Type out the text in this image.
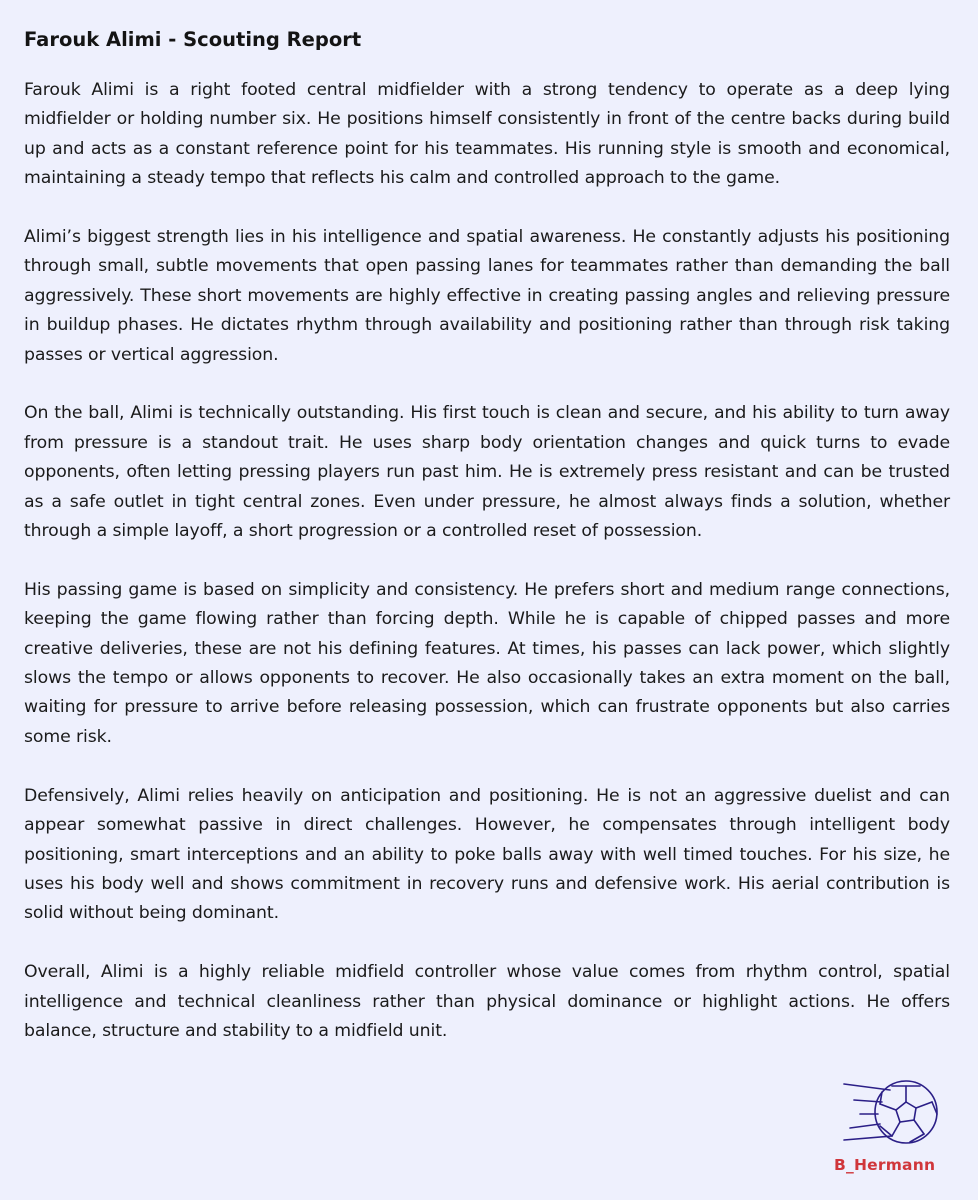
Farouk Alimi - Scouting Report

Farouk Alimi is a right footed central midfielder with a strong tendency to operate as a deep lying midfielder or holding number six. He positions himself consistently in front of the centre backs during build up and acts as a constant reference point for his teammates. His running style is smooth and economical, maintaining a steady tempo that reflects his calm and controlled approach to the game.

Alimi’s biggest strength lies in his intelligence and spatial awareness. He constantly adjusts his positioning through small, subtle movements that open passing lanes for teammates rather than demanding the ball aggressively. These short movements are highly effective in creating passing angles and relieving pressure in buildup phases. He dictates rhythm through availability and positioning rather than through risk taking passes or vertical aggression.

On the ball, Alimi is technically outstanding. His first touch is clean and secure, and his ability to turn away from pressure is a standout trait. He uses sharp body orientation changes and quick turns to evade opponents, often letting pressing players run past him. He is extremely press resistant and can be trusted as a safe outlet in tight central zones. Even under pressure, he almost always finds a solution, whether through a simple layoff, a short progression or a controlled reset of possession.

His passing game is based on simplicity and consistency. He prefers short and medium range connections, keeping the game flowing rather than forcing depth. While he is capable of chipped passes and more creative deliveries, these are not his defining features. At times, his passes can lack power, which slightly slows the tempo or allows opponents to recover. He also occasionally takes an extra moment on the ball, waiting for pressure to arrive before releasing possession, which can frustrate opponents but also carries some risk.

Defensively, Alimi relies heavily on anticipation and positioning. He is not an aggressive duelist and can appear somewhat passive in direct challenges. However, he compensates through intelligent body positioning, smart interceptions and an ability to poke balls away with well timed touches. For his size, he uses his body well and shows commitment in recovery runs and defensive work. His aerial contribution is solid without being dominant.

Overall, Alimi is a highly reliable midfield controller whose value comes from rhythm control, spatial intelligence and technical cleanliness rather than physical dominance or highlight actions. He offers balance, structure and stability to a midfield unit.

B_Hermann
